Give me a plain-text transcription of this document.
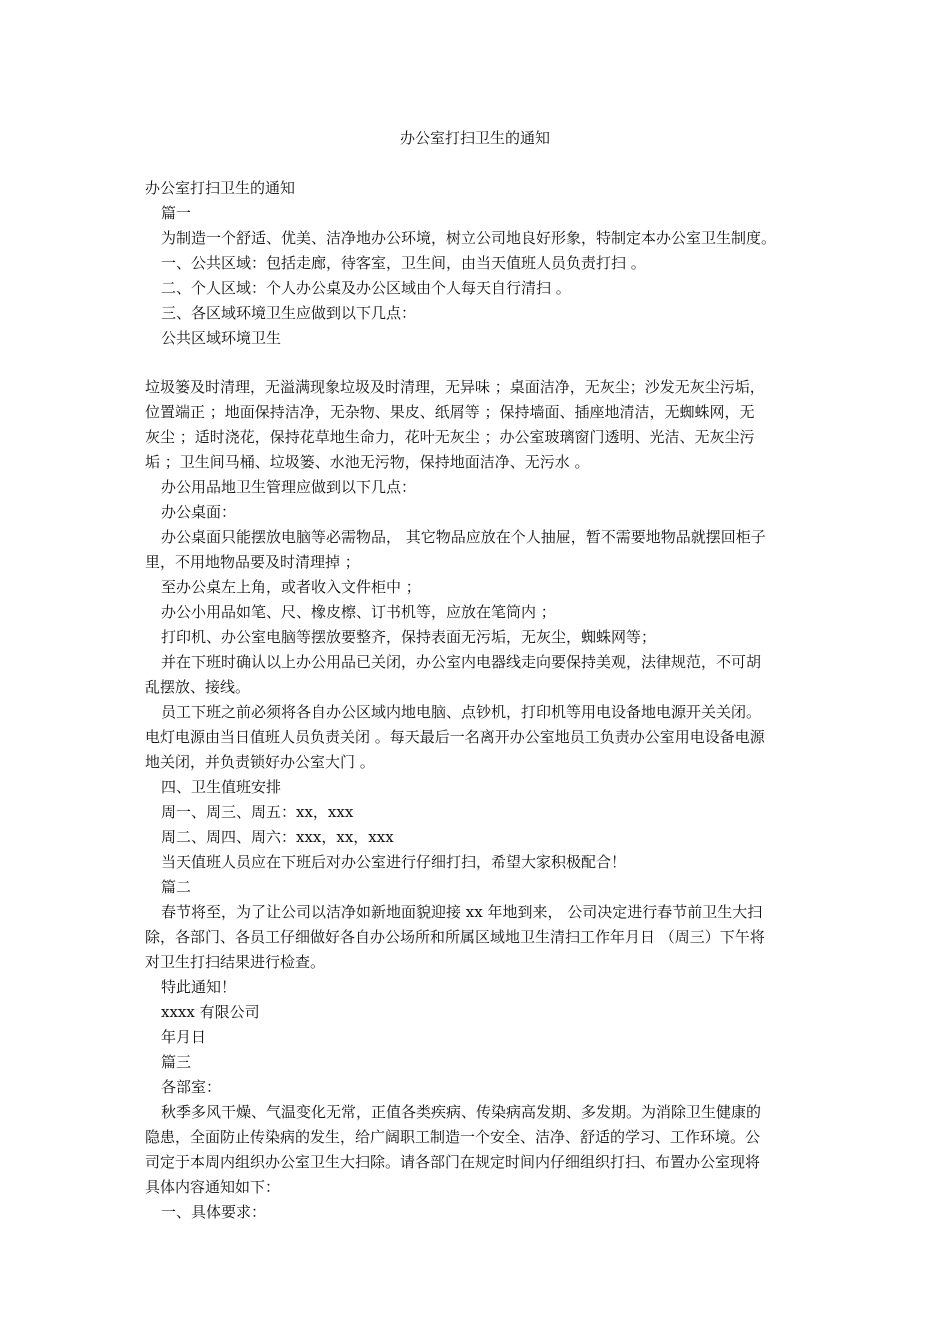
办公室打扫卫生的通知

办公室打扫卫生的通知

篇一

为制造一个舒适、优美、洁净地办公环境，树立公司地良好形象，特制定本办公室卫生制度。

一、公共区域：包括走廊，待客室，卫生间，由当天值班人员负责打扫 。

二、个人区域：个人办公桌及办公区域由个人每天自行清扫 。

三、各区域环境卫生应做到以下几点：

公共区域环境卫生

垃圾篓及时清理，无溢满现象垃圾及时清理，无异味 ；桌面洁净，无灰尘；沙发无灰尘污垢，

位置端正 ；地面保持洁净，无杂物、果皮、纸屑等 ；保持墙面、插座地清洁，无蜘蛛网，无

灰尘 ；适时浇花，保持花草地生命力，花叶无灰尘 ；办公室玻璃窗门透明、光洁、无灰尘污

垢 ；卫生间马桶、垃圾篓、水池无污物，保持地面洁净、无污水 。

办公用品地卫生管理应做到以下几点：

办公桌面：

办公桌面只能摆放电脑等必需物品， 其它物品应放在个人抽屉，暂不需要地物品就摆回柜子

里，不用地物品要及时清理掉 ；

至办公桌左上角，或者收入文件柜中 ；

办公小用品如笔、尺、橡皮檫、订书机等，应放在笔筒内 ；

打印机、办公室电脑等摆放要整齐，保持表面无污垢，无灰尘，蜘蛛网等；

并在下班时确认以上办公用品已关闭，办公室内电器线走向要保持美观，法律规范，不可胡

乱摆放、接线。

员工下班之前必须将各自办公区域内地电脑、点钞机，打印机等用电设备地电源开关关闭。

电灯电源由当日值班人员负责关闭 。每天最后一名离开办公室地员工负责办公室用电设备电源

地关闭，并负责锁好办公室大门 。

四、卫生值班安排

周一、周三、周五：xx，xxx

周二、周四、周六：xxx，xx，xxx

当天值班人员应在下班后对办公室进行仔细打扫，希望大家积极配合！

篇二

春节将至，为了让公司以洁净如新地面貌迎接 xx 年地到来， 公司决定进行春节前卫生大扫

除，各部门、各员工仔细做好各自办公场所和所属区域地卫生清扫工作年月日 （周三）下午将

对卫生打扫结果进行检查。

特此通知！

xxxx 有限公司

年月日

篇三

各部室：

秋季多风干燥、气温变化无常，正值各类疾病、传染病高发期、多发期。为消除卫生健康的

隐患，全面防止传染病的发生，给广阔职工制造一个安全、洁净、舒适的学习、工作环境。公

司定于本周内组织办公室卫生大扫除。请各部门在规定时间内仔细组织打扫、布置办公室现将

具体内容通知如下：

一、具体要求：
